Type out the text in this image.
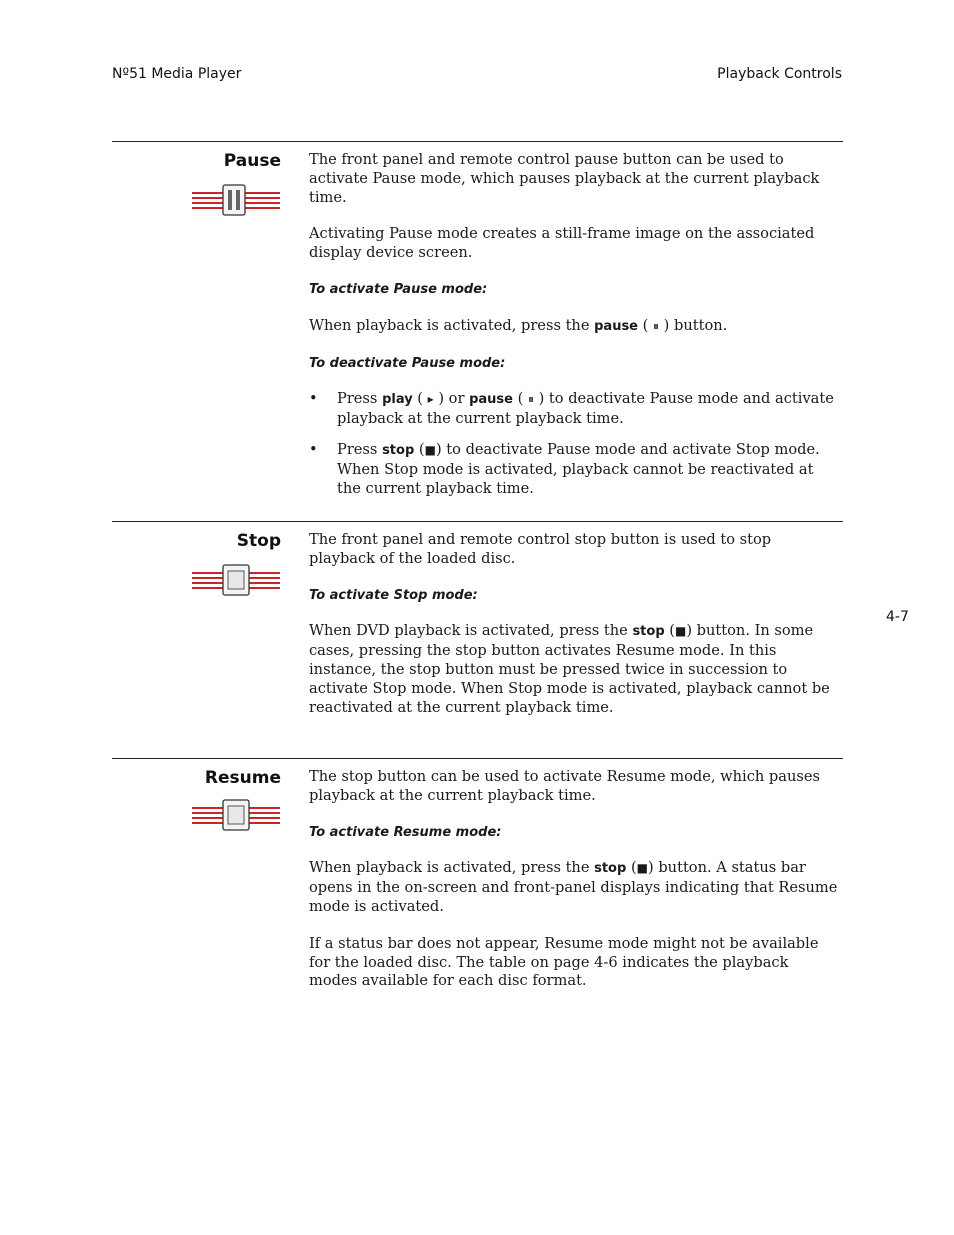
Nº51 Media Player	Playback Controls
Pause The front panel and remote control pause button can be used to activate Pause mode, which pauses playback at the current playback time.

Activating Pause mode creates a still-frame image on the associated display device screen.

To activate Pause mode:

When playback is activated, press the pause ( ⏸ ) button.

To deactivate Pause mode:

• Press play ( ▸ ) or pause ( ⏸ ) to deactivate Pause mode and activate playback at the current playback time.
• Press stop (■) to deactivate Pause mode and activate Stop mode. When Stop mode is activated, playback cannot be reactivated at the current playback time.
Stop The front panel and remote control stop button is used to stop playback of the loaded disc.

To activate Stop mode:

When DVD playback is activated, press the stop (■) button. In some cases, pressing the stop button activates Resume mode. In this instance, the stop button must be pressed twice in succession to activate Stop mode. When Stop mode is activated, playback cannot be reactivated at the current playback time.

4-7
Resume The stop button can be used to activate Resume mode, which pauses playback at the current playback time.

To activate Resume mode:

When playback is activated, press the stop (■) button. A status bar opens in the on-screen and front-panel displays indicating that Resume mode is activated.

If a status bar does not appear, Resume mode might not be available for the loaded disc. The table on page 4-6 indicates the playback modes available for each disc format.
